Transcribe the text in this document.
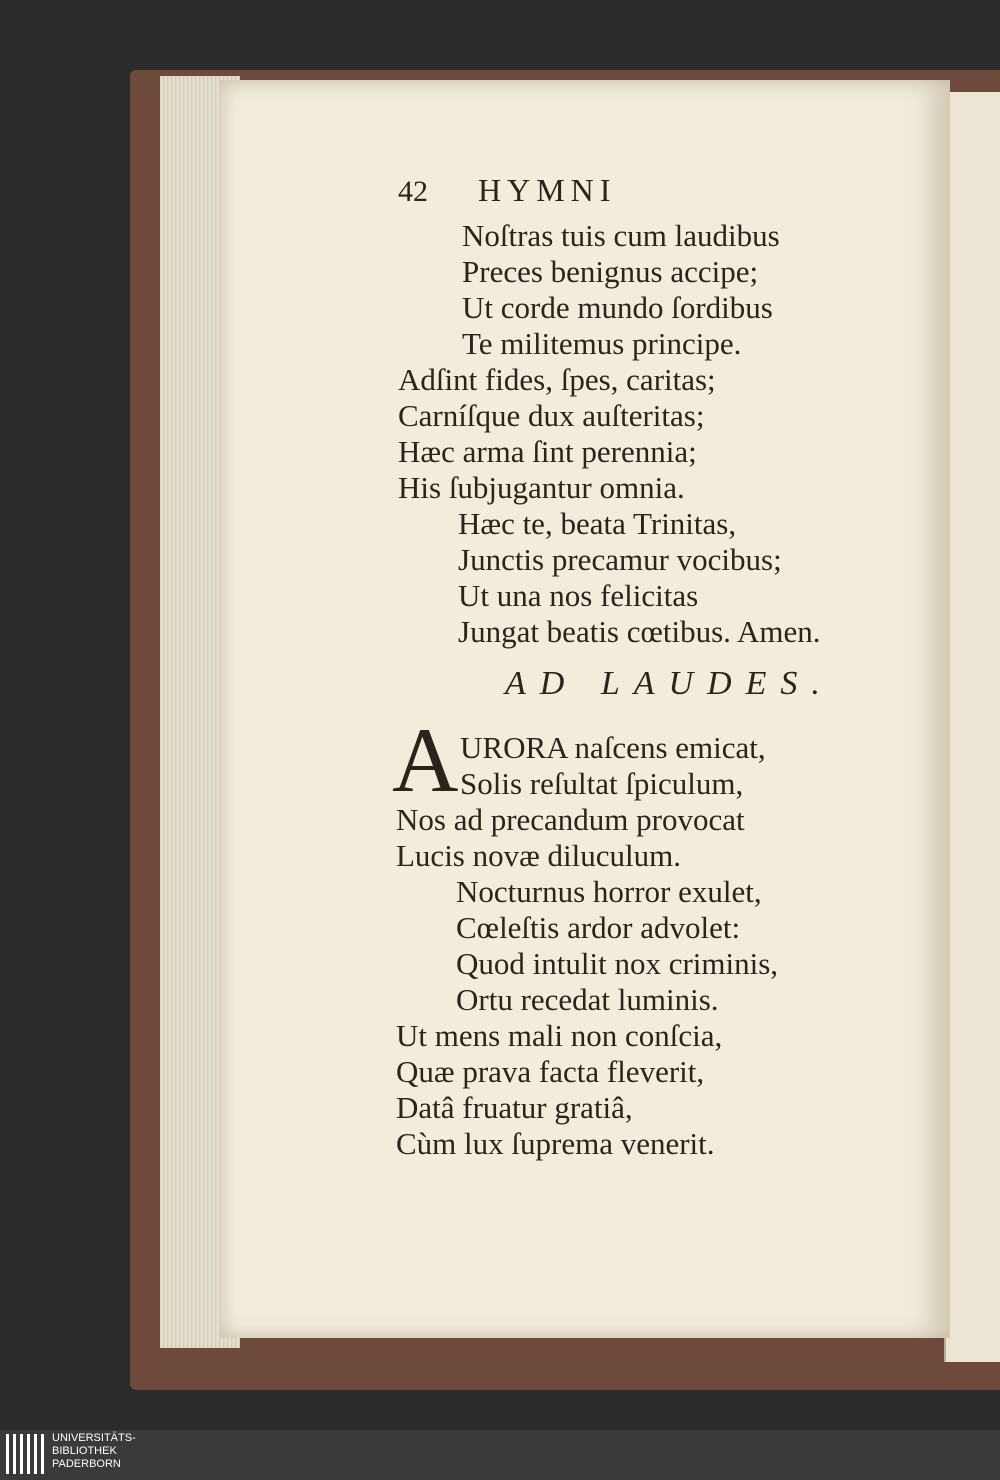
42 HYMNI
Noſtras tuis cum laudibus
Preces benignus accipe;
Ut corde mundo ſordibus
Te militemus principe.
Adſint fides, ſpes, caritas;
Carníſque dux auſteritas;
Hæc arma ſint perennia;
His ſubjugantur omnia.
Hæc te, beata Trinitas,
Junctis precamur vocibus;
Ut una nos felicitas
Jungat beatis cœtibus. Amen.
AD LAUDES.
A URORA naſcens emicat,
Solis reſultat ſpiculum,
Nos ad precandum provocat
Lucis novæ diluculum.
Nocturnus horror exulet,
Cœleſtis ardor advolet:
Quod intulit nox criminis,
Ortu recedat luminis.
Ut mens mali non conſcia,
Quæ prava facta fleverit,
Datâ fruatur gratiâ,
Cùm lux ſuprema venerit.
UNIVERSITÄTS-
BIBLIOTHEK
PADERBORN
